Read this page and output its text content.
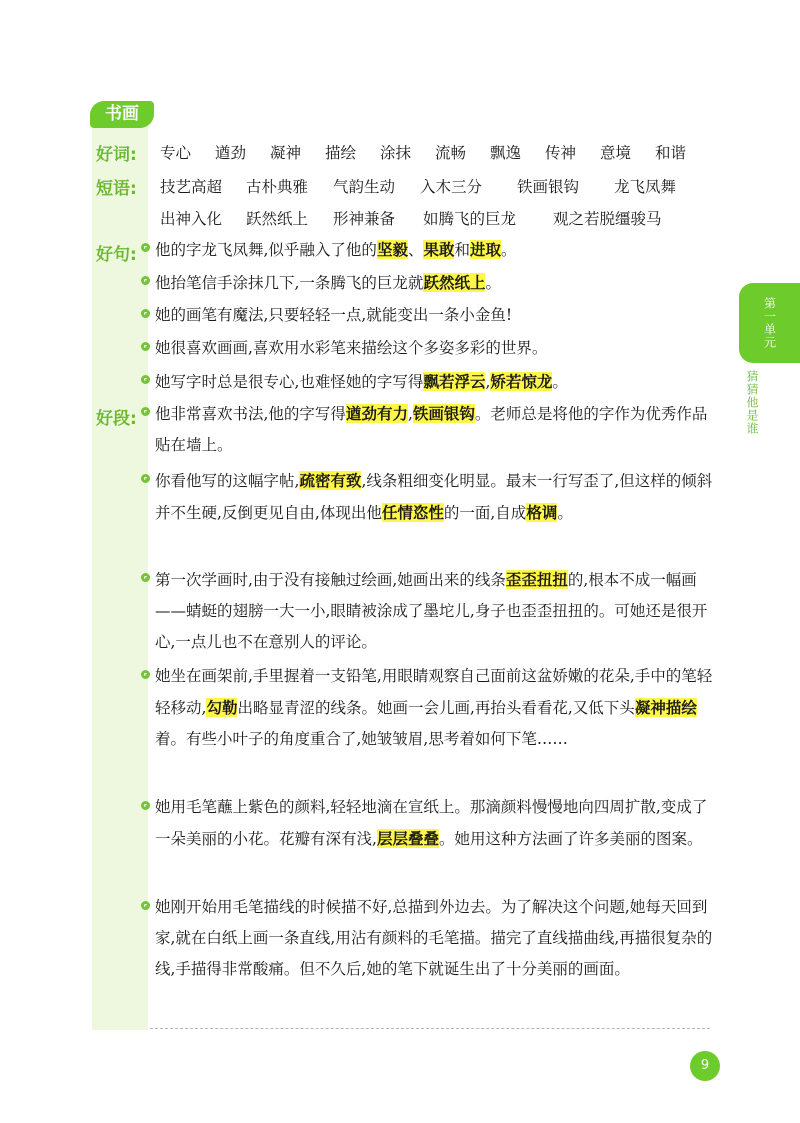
书画
好词: 专心	遒劲	凝神	描绘	涂抹	流畅	飘逸	传神	意境	和谐
短语: 技艺高超	古朴典雅	气韵生动	入木三分	铁画银钩	龙飞凤舞
出神入化	跃然纸上	形神兼备	如腾飞的巨龙	观之若脱缰骏马
好句: 他的字龙飞凤舞,似乎融入了他的坚毅、果敢和进取。
他抬笔信手涂抹几下,一条腾飞的巨龙就跃然纸上。
她的画笔有魔法,只要轻轻一点,就能变出一条小金鱼!
她很喜欢画画,喜欢用水彩笔来描绘这个多姿多彩的世界。
她写字时总是很专心,也难怪她的字写得飘若浮云,矫若惊龙。
好段: 他非常喜欢书法,他的字写得遒劲有力,铁画银钩。老师总是将他的字作为优秀作品贴在墙上。
你看他写的这幅字帖,疏密有致,线条粗细变化明显。最末一行写歪了,但这样的倾斜并不生硬,反倒更见自由,体现出他任情恣性的一面,自成格调。
第一次学画时,由于没有接触过绘画,她画出来的线条歪歪扭扭的,根本不成一幅画——蜻蜓的翅膀一大一小,眼睛被涂成了墨坨儿,身子也歪歪扭扭的。可她还是很开心,一点儿也不在意别人的评论。
她坐在画架前,手里握着一支铅笔,用眼睛观察自己面前这盆娇嫩的花朵,手中的笔轻轻移动,勾勒出略显青涩的线条。她画一会儿画,再抬头看看花,又低下头凝神描绘着。有些小叶子的角度重合了,她皱皱眉,思考着如何下笔……
她用毛笔蘸上紫色的颜料,轻轻地滴在宣纸上。那滴颜料慢慢地向四周扩散,变成了一朵美丽的小花。花瓣有深有浅,层层叠叠。她用这种方法画了许多美丽的图案。
她刚开始用毛笔描线的时候描不好,总描到外边去。为了解决这个问题,她每天回到家,就在白纸上画一条直线,用沾有颜料的毛笔描。描完了直线描曲线,再描很复杂的线,手描得非常酸痛。但不久后,她的笔下就诞生出了十分美丽的画面。
第一单元
猜猜他是谁
9
